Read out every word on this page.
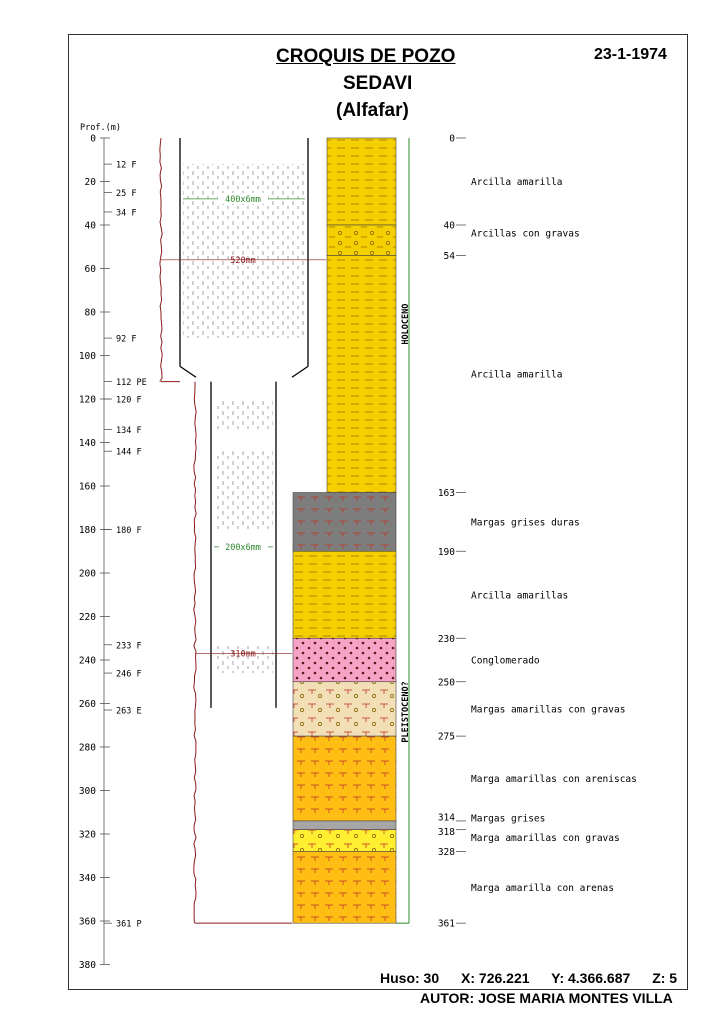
CROQUIS DE POZO
SEDAVI
(Alfafar)
23-1-1974
Prof.(m)
0
20
40
60
80
100
120
140
160
180
200
220
240
260
280
300
320
340
360
380
12 F
25 F
34 F
92 F
112 PE
120 F
134 F
144 F
180 F
233 F
246 F
263 E
361 P
400x6mm
520mm
200x6mm
310mm
HOLOCENO
PLEISTOCENO?
0
40
54
163
190
230
250
275
314
318
328
361
Arcilla amarilla
Arcillas con gravas
Arcilla amarilla
Margas grises duras
Arcilla amarillas
Conglomerado
Margas amarillas con gravas
Marga amarillas con areniscas
Margas grises
Marga amarillas con gravas
Marga amarilla con arenas
Huso: 30 X: 726.221 Y: 4.366.687 Z: 5
AUTOR: JOSE MARIA MONTES VILLA
